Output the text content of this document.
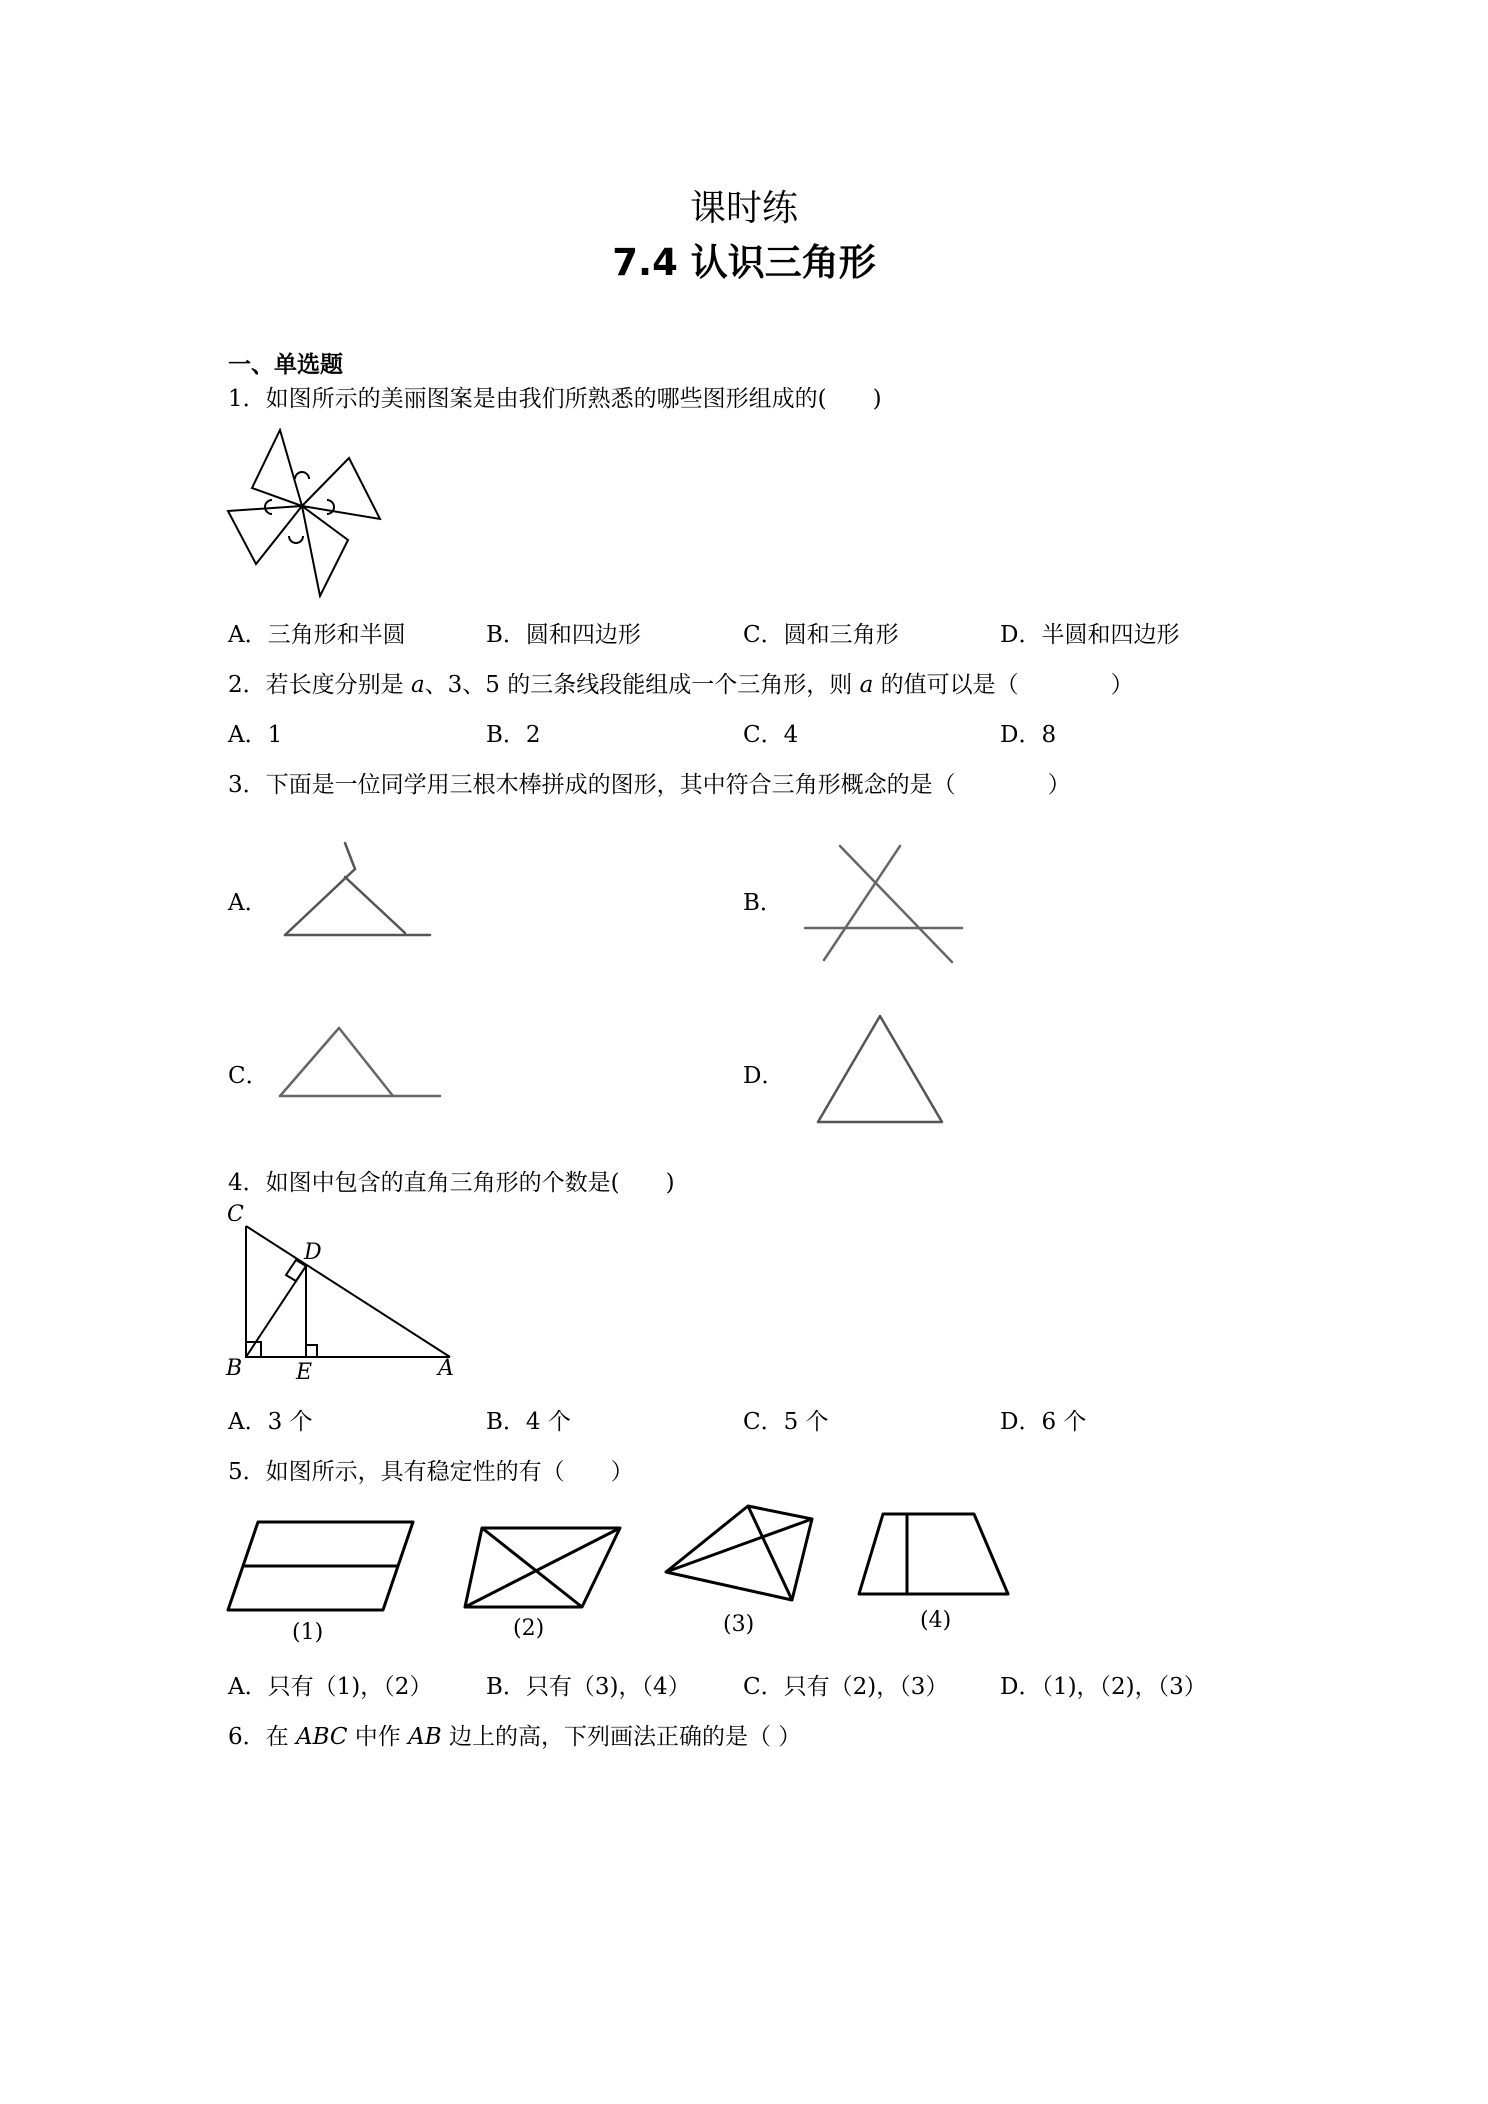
课时练
7.4 认识三角形
一、单选题
1．如图所示的美丽图案是由我们所熟悉的哪些图形组成的(　　)
A．三角形和半圆	B．圆和四边形	C．圆和三角形	D．半圆和四边形
2．若长度分别是 a、3、5 的三条线段能组成一个三角形，则 a 的值可以是（　　　　）
A．1	B．2	C．4	D．8
3．下面是一位同学用三根木棒拼成的图形，其中符合三角形概念的是（　　　　）
A．	B．
C．	D．
4．如图中包含的直角三角形的个数是(　　)
C
D
B E	A
A．3 个	B．4 个	C．5 个	D．6 个
5．如图所示，具有稳定性的有（　　）
(1)	(2)	(3)	(4)
A．只有（1)，（2） B．只有（3)，（4） C．只有（2)，（3） D．（1)，（2)，（3）
6．在 ABC 中作 AB 边上的高，下列画法正确的是（ ）
